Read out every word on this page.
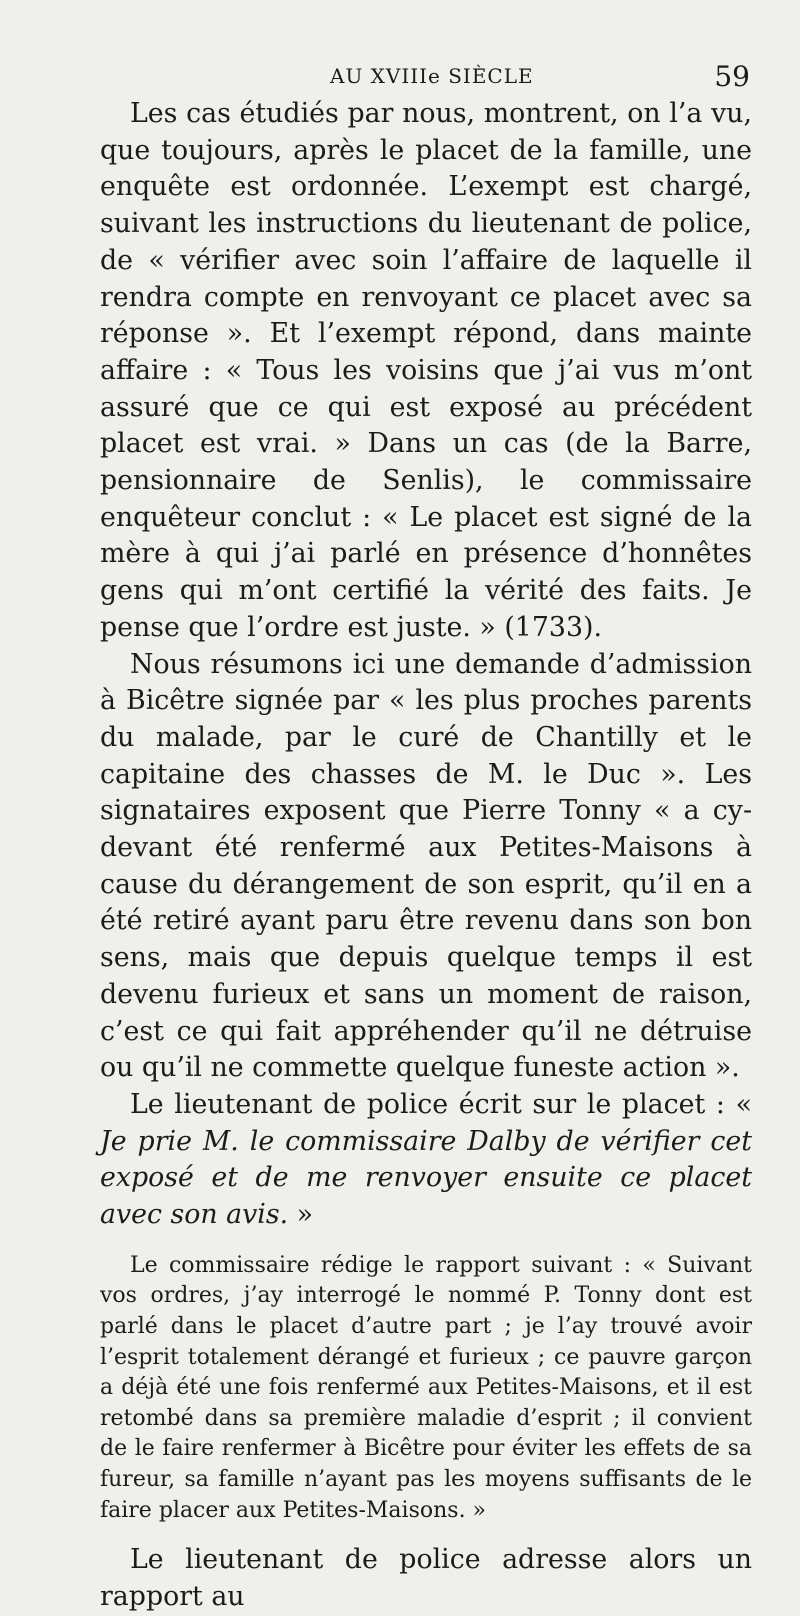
AU XVIIIe SIÈCLE	59

Les cas étudiés par nous, montrent, on l’a vu, que toujours, après le placet de la famille, une enquête est ordonnée. L’exempt est chargé, suivant les instructions du lieutenant de police, de « vérifier avec soin l’affaire de laquelle il rendra compte en renvoyant ce placet avec sa réponse ». Et l’exempt répond, dans mainte affaire : « Tous les voisins que j’ai vus m’ont assuré que ce qui est exposé au précédent placet est vrai. » Dans un cas (de la Barre, pensionnaire de Senlis), le commissaire enquêteur conclut : « Le placet est signé de la mère à qui j’ai parlé en présence d’honnêtes gens qui m’ont certifié la vérité des faits. Je pense que l’ordre est juste. » (1733).

Nous résumons ici une demande d’admission à Bicêtre signée par « les plus proches parents du malade, par le curé de Chantilly et le capitaine des chasses de M. le Duc ». Les signataires exposent que Pierre Tonny « a cy-devant été renfermé aux Petites-Maisons à cause du dérangement de son esprit, qu’il en a été retiré ayant paru être revenu dans son bon sens, mais que depuis quelque temps il est devenu furieux et sans un moment de raison, c’est ce qui fait appréhender qu’il ne détruise ou qu’il ne commette quelque funeste action ».

Le lieutenant de police écrit sur le placet : « Je prie M. le commissaire Dalby de vérifier cet exposé et de me renvoyer ensuite ce placet avec son avis. »

Le commissaire rédige le rapport suivant : « Suivant vos ordres, j’ay interrogé le nommé P. Tonny dont est parlé dans le placet d’autre part ; je l’ay trouvé avoir l’esprit totalement dérangé et furieux ; ce pauvre garçon a déjà été une fois renfermé aux Petites-Maisons, et il est retombé dans sa première maladie d’esprit ; il convient de le faire renfermer à Bicêtre pour éviter les effets de sa fureur, sa famille n’ayant pas les moyens suffisants de le faire placer aux Petites-Maisons. »

Le lieutenant de police adresse alors un rapport au
